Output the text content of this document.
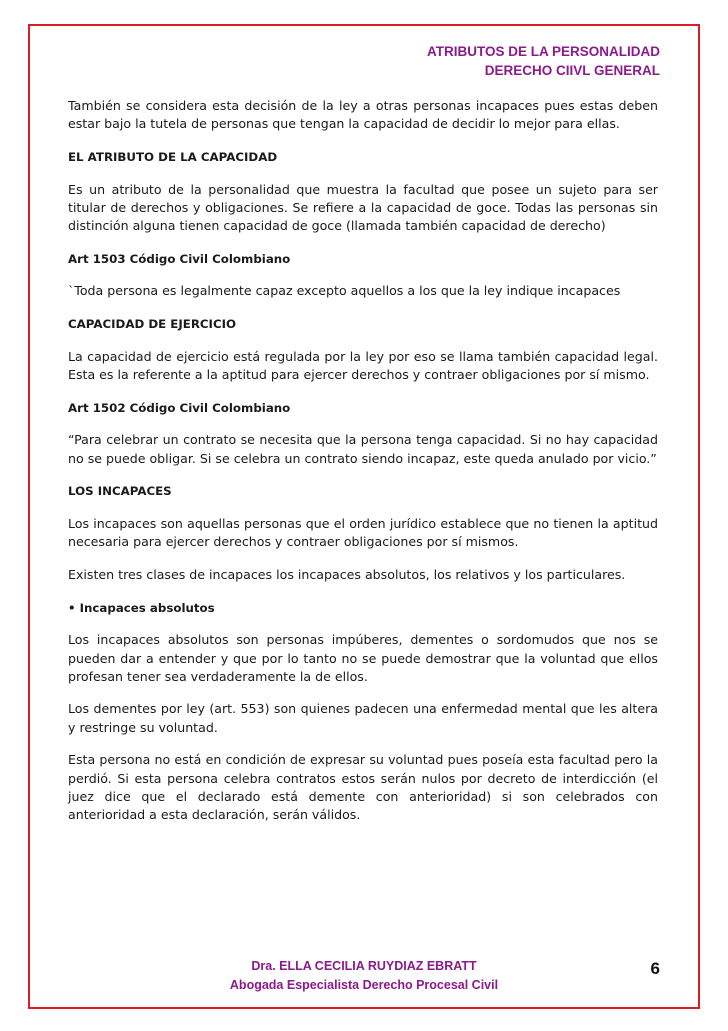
ATRIBUTOS DE LA PERSONALIDAD
DERECHO CIIVL GENERAL

También se considera esta decisión de la ley a otras personas incapaces pues estas deben estar bajo la tutela de personas que tengan la capacidad de decidir lo mejor para ellas.

EL ATRIBUTO DE LA CAPACIDAD

Es un atributo de la personalidad que muestra la facultad que posee un sujeto para ser titular de derechos y obligaciones. Se refiere a la capacidad de goce. Todas las personas sin distinción alguna tienen capacidad de goce (llamada también capacidad de derecho)

Art 1503 Código Civil Colombiano

`Toda persona es legalmente capaz excepto aquellos a los que la ley indique incapaces

CAPACIDAD DE EJERCICIO

La capacidad de ejercicio está regulada por la ley por eso se llama también capacidad legal. Esta es la referente a la aptitud para ejercer derechos y contraer obligaciones por sí mismo.

Art 1502 Código Civil Colombiano

“Para celebrar un contrato se necesita que la persona tenga capacidad. Si no hay capacidad no se puede obligar. Si se celebra un contrato siendo incapaz, este queda anulado por vicio.”

LOS INCAPACES

Los incapaces son aquellas personas que el orden jurídico establece que no tienen la aptitud necesaria para ejercer derechos y contraer obligaciones por sí mismos.

Existen tres clases de incapaces los incapaces absolutos, los relativos y los particulares.

• Incapaces absolutos

Los incapaces absolutos son personas impúberes, dementes o sordomudos que nos se pueden dar a entender y que por lo tanto no se puede demostrar que la voluntad que ellos profesan tener sea verdaderamente la de ellos.

Los dementes por ley (art. 553) son quienes padecen una enfermedad mental que les altera y restringe su voluntad.

Esta persona no está en condición de expresar su voluntad pues poseía esta facultad pero la perdió. Si esta persona celebra contratos estos serán nulos por decreto de interdicción (el juez dice que el declarado está demente con anterioridad) si son celebrados con anterioridad a esta declaración, serán válidos.

Dra. ELLA CECILIA RUYDIAZ EBRATT
Abogada Especialista Derecho Procesal Civil
6
